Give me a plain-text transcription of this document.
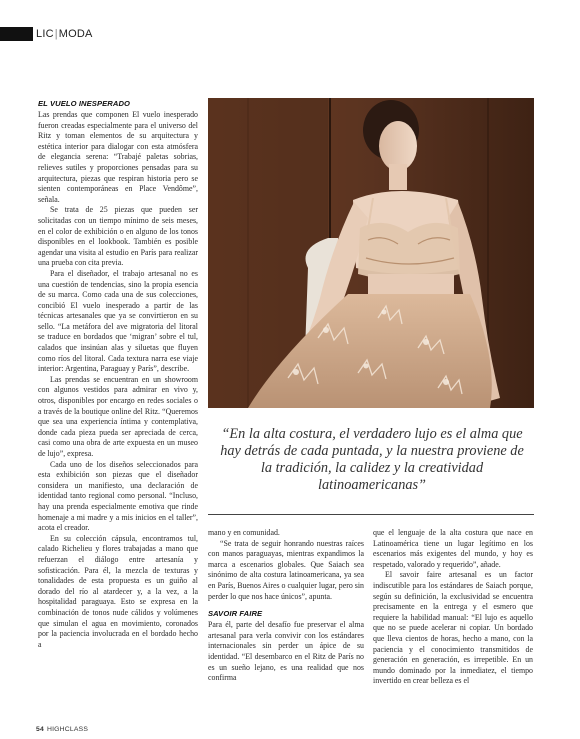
LIC|MODA
EL VUELO INESPERADO

Las prendas que componen El vuelo inesperado fueron creadas especialmente para el universo del Ritz y toman elementos de su arquitectura y estética interior para dialogar con esta atmósfera de elegancia serena: “Trabajé paletas sobrias, relieves sutiles y proporciones pensadas para su arquitectura, piezas que respiran historia pero se sienten contemporáneas en Place Vendôme”, señala.

Se trata de 25 piezas que pueden ser solicitadas con un tiempo mínimo de seis meses, en el color de exhibición o en alguno de los tonos disponibles en el lookbook. También es posible agendar una visita al estudio en París para realizar una prueba con cita previa.

Para el diseñador, el trabajo artesanal no es una cuestión de tendencias, sino la propia esencia de su marca. Como cada una de sus colecciones, concibió El vuelo inesperado a partir de las técnicas artesanales que ya se convirtieron en su sello. “La metáfora del ave migratoria del litoral se traduce en bordados que ‘migran’ sobre el tul, calados que insinúan alas y siluetas que fluyen como ríos del litoral. Cada textura narra ese viaje interior: Argentina, Paraguay y París”, describe.

Las prendas se encuentran en un showroom con algunos vestidos para admirar en vivo y, otros, disponibles por encargo en redes sociales o a través de la boutique online del Ritz. “Queremos que sea una experiencia íntima y contemplativa, donde cada pieza pueda ser apreciada de cerca, casi como una obra de arte expuesta en un museo de lujo”, expresa.

Cada uno de los diseños seleccionados para esta exhibición son piezas que el diseñador considera un manifiesto, una declaración de identidad tanto regional como personal. “Incluso, hay una prenda especialmente emotiva que rinde homenaje a mi madre y a mis inicios en el taller”, acota el creador.

En su colección cápsula, encontramos tul, calado Richelieu y flores trabajadas a mano que refuerzan el diálogo entre artesanía y sofisticación. Para él, la mezcla de texturas y tonalidades de esta propuesta es un guiño al dorado del río al atardecer y, a la vez, a la hospitalidad paraguaya. Esto se expresa en la combinación de tonos nude cálidos y volúmenes que simulan el agua en movimiento, coronados por la paciencia involucrada en el bordado hecho a

“En la alta costura, el verdadero lujo es el alma que hay detrás de cada puntada, y la nuestra proviene de la tradición, la calidez y la creatividad latinoamericanas”

mano y en comunidad.

“Se trata de seguir honrando nuestras raíces con manos paraguayas, mientras expandimos la marca a escenarios globales. Que Saiach sea sinónimo de alta costura latinoamericana, ya sea en París, Buenos Aires o cualquier lugar, pero sin perder lo que nos hace únicos”, apunta.

SAVOIR FAIRE

Para él, parte del desafío fue preservar el alma artesanal para verla convivir con los estándares internacionales sin perder un ápice de su identidad. “El desembarco en el Ritz de París no es un sueño lejano, es una realidad que nos confirma

que el lenguaje de la alta costura que nace en Latinoamérica tiene un lugar legítimo en los escenarios más exigentes del mundo, y hoy es respetado, valorado y requerido”, añade.

El savoir faire artesanal es un factor indiscutible para los estándares de Saiach porque, según su definición, la exclusividad se encuentra precisamente en la entrega y el esmero que requiere la habilidad manual: “El lujo es aquello que no se puede acelerar ni copiar. Un bordado que lleva cientos de horas, hecho a mano, con la paciencia y el conocimiento transmitidos de generación en generación, es irrepetible. En un mundo dominado por la inmediatez, el tiempo invertido en crear belleza es el

54 HIGHCLASS
